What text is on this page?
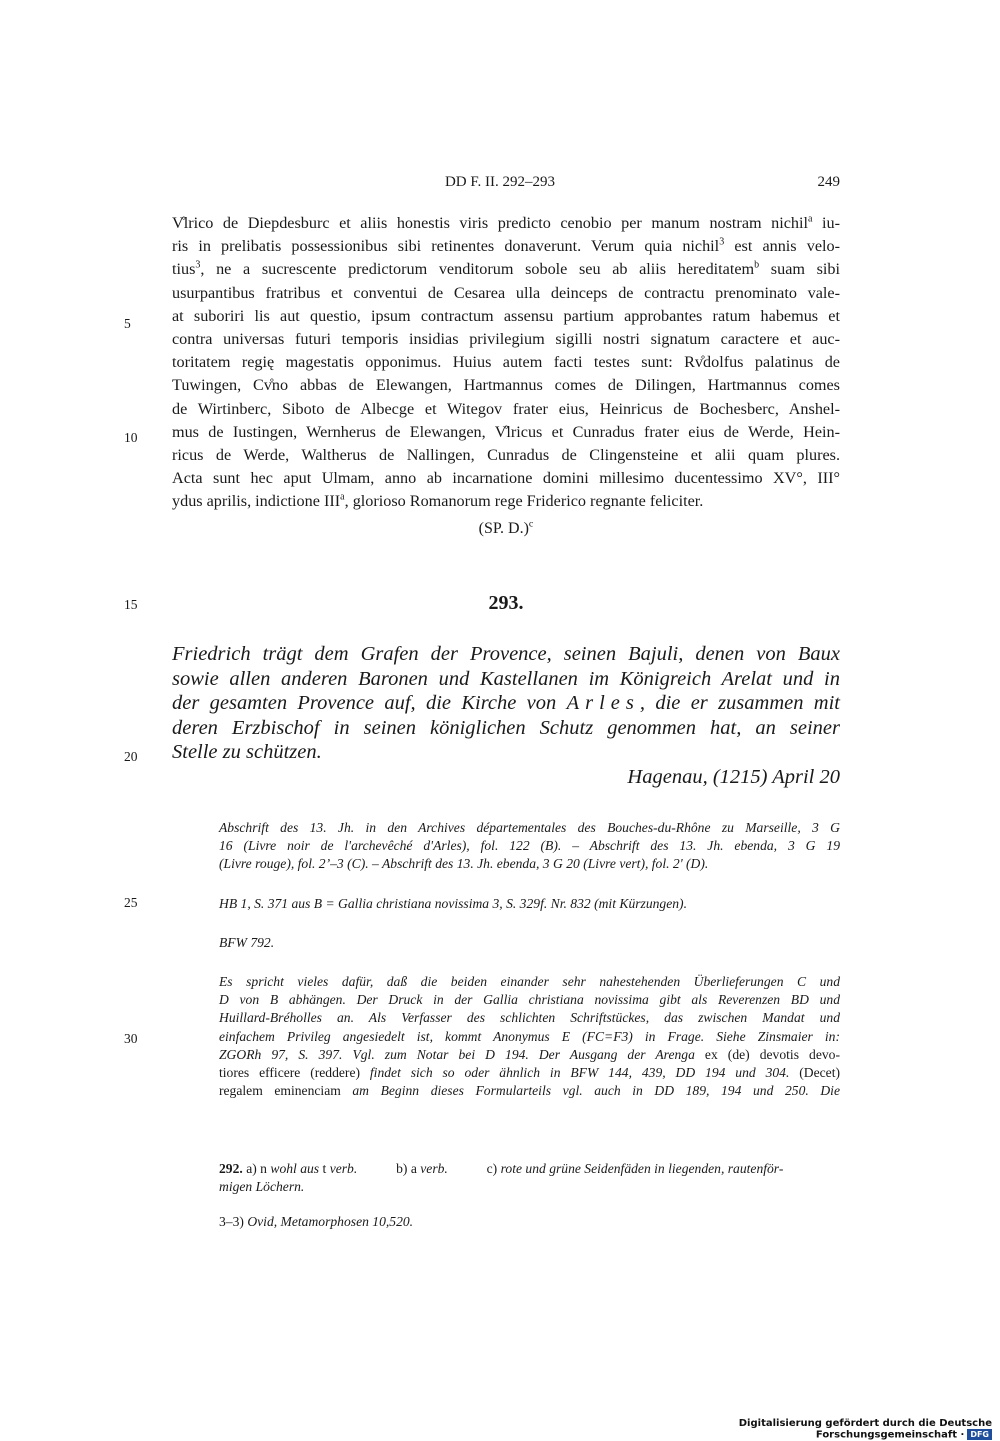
DD F. II. 292–293	249
5
10
15
20
25
30
V̊lrico de Diepdesburc et aliis honestis viris predicto cenobio per manum nostram nichil$^a$ iu-
ris in prelibatis possessionibus sibi retinentes donaverunt. Verum quia nichil$^3$ est annis velo-
tius$^3$, ne a sucrescente predictorum venditorum sobole seu ab aliis hereditatem$^b$ suam sibi
usurpantibus fratribus et conventui de Cesarea ulla deinceps de contractu prenominato vale-
at suboriri lis aut questio, ipsum contractum assensu partium approbantes ratum habemus et
contra universas futuri temporis insidias privilegium sigilli nostri signatum caractere et auc-
toritatem regię magestatis opponimus. Huius autem facti testes sunt: Rv̊dolfus palatinus de
Tuwingen, Cv̊no abbas de Elewangen, Hartmannus comes de Dilingen, Hartmannus comes
de Wirtinberc, Siboto de Albecge et Witegov frater eius, Heinricus de Bochesberc, Anshel-
mus de Iustingen, Wernherus de Elewangen, V̊lricus et Cunradus frater eius de Werde, Hein-
ricus de Werde, Waltherus de Nallingen, Cunradus de Clingensteine et alii quam plures.
Acta sunt hec aput Ulmam, anno ab incarnatione domini millesimo ducentessimo XV°, III°
ydus aprilis, indictione III$^a$, glorioso Romanorum rege Friderico regnante feliciter.
(SP. D.)$^c$
293.
Friedrich trägt dem Grafen der Provence, seinen Bajuli, denen von Baux
sowie allen anderen Baronen und Kastellanen im Königreich Arelat und in
der gesamten Provence auf, die Kirche von Arles, die er zusammen mit
deren Erzbischof in seinen königlichen Schutz genommen hat, an seiner
Stelle zu schützen.
Hagenau, (1215) April 20
Abschrift des 13. Jh. in den Archives départementales des Bouches-du-Rhône zu Marseille, 3 G
16 (Livre noir de l'archevêché d'Arles), fol. 122 (B). – Abschrift des 13. Jh. ebenda, 3 G 19
(Livre rouge), fol. 2’–3 (C). – Abschrift des 13. Jh. ebenda, 3 G 20 (Livre vert), fol. 2' (D).
HB 1, S. 371 aus B = Gallia christiana novissima 3, S. 329f. Nr. 832 (mit Kürzungen).
BFW 792.
Es spricht vieles dafür, daß die beiden einander sehr nahestehenden Überlieferungen C und
D von B abhängen. Der Druck in der Gallia christiana novissima gibt als Reverenzen BD und
Huillard-Bréholles an. Als Verfasser des schlichten Schriftstückes, das zwischen Mandat und
einfachem Privileg angesiedelt ist, kommt Anonymus E (FC=F3) in Frage. Siehe Zinsmaier in:
ZGORh 97, S. 397. Vgl. zum Notar bei D 194. Der Ausgang der Arenga ex (de) devotis devo-
tiores efficere (reddere) findet sich so oder ähnlich in BFW 144, 439, DD 194 und 304. (Decet)
regalem eminenciam am Beginn dieses Formularteils vgl. auch in DD 189, 194 und 250. Die
292. a) n wohl aus t verb.	b) a verb.	c) rote und grüne Seidenfäden in liegenden, rautenför-
migen Löchern.
3–3) Ovid, Metamorphosen 10,520.
Digitalisierung gefördert durch die Deutsche Forschungsgemeinschaft · DFG
